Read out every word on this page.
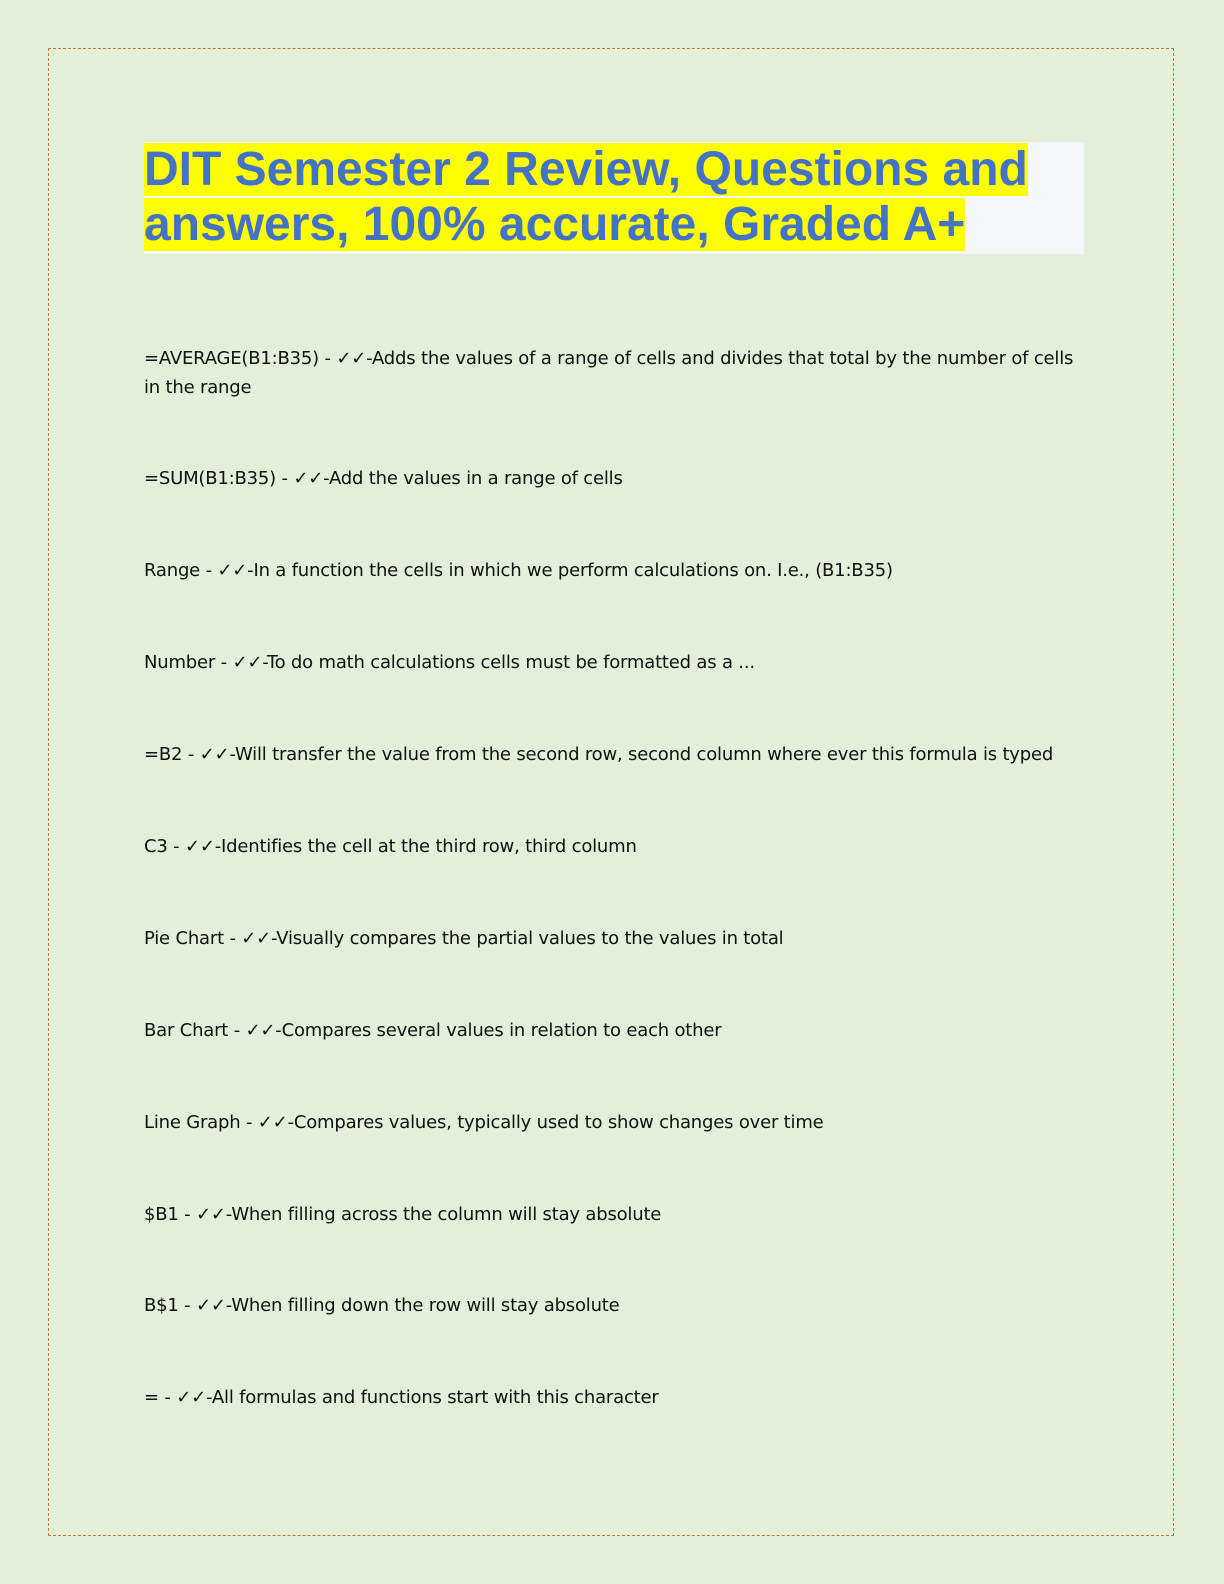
DIT Semester 2 Review, Questions and answers, 100% accurate, Graded A+
=AVERAGE(B1:B35) - ✓✓-Adds the values of a range of cells and divides that total by the number of cells in the range
=SUM(B1:B35) - ✓✓-Add the values in a range of cells
Range - ✓✓-In a function the cells in which we perform calculations on. I.e., (B1:B35)
Number - ✓✓-To do math calculations cells must be formatted as a ...
=B2 - ✓✓-Will transfer the value from the second row, second column where ever this formula is typed
C3 - ✓✓-Identifies the cell at the third row, third column
Pie Chart - ✓✓-Visually compares the partial values to the values in total
Bar Chart - ✓✓-Compares several values in relation to each other
Line Graph - ✓✓-Compares values, typically used to show changes over time
$B1 - ✓✓-When filling across the column will stay absolute
B$1 - ✓✓-When filling down the row will stay absolute
= - ✓✓-All formulas and functions start with this character
